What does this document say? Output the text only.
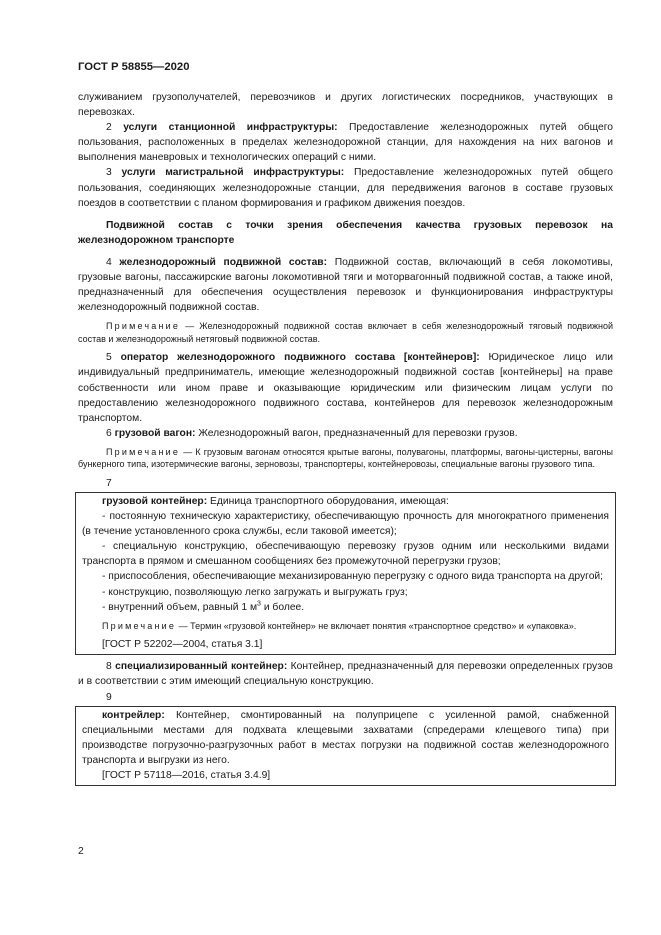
ГОСТ Р 58855—2020

служиванием грузополучателей, перевозчиков и других логистических посредников, участвующих в перевозках.

2 услуги станционной инфраструктуры: Предоставление железнодорожных путей общего пользования, расположенных в пределах железнодорожной станции, для нахождения на них вагонов и выполнения маневровых и технологических операций с ними.

3 услуги магистральной инфраструктуры: Предоставление железнодорожных путей общего пользования, соединяющих железнодорожные станции, для передвижения вагонов в составе грузовых поездов в соответствии с планом формирования и графиком движения поездов.

Подвижной состав с точки зрения обеспечения качества грузовых перевозок на железнодорожном транспорте

4 железнодорожный подвижной состав: Подвижной состав, включающий в себя локомотивы, грузовые вагоны, пассажирские вагоны локомотивной тяги и моторвагонный подвижной состав, а также иной, предназначенный для обеспечения осуществления перевозок и функционирования инфраструктуры железнодорожный подвижной состав.

Примечание — Железнодорожный подвижной состав включает в себя железнодорожный тяговый подвижной состав и железнодорожный нетяговый подвижной состав.

5 оператор железнодорожного подвижного состава [контейнеров]: Юридическое лицо или индивидуальный предприниматель, имеющие железнодорожный подвижной состав [контейнеры] на праве собственности или ином праве и оказывающие юридическим или физическим лицам услуги по предоставлению железнодорожного подвижного состава, контейнеров для перевозок железнодорожным транспортом.

6 грузовой вагон: Железнодорожный вагон, предназначенный для перевозки грузов.

Примечание — К грузовым вагонам относятся крытые вагоны, полувагоны, платформы, вагоны-цистерны, вагоны бункерного типа, изотермические вагоны, зерновозы, транспортеры, контейнеровозы, специальные вагоны грузового типа.

7

грузовой контейнер: Единица транспортного оборудования, имеющая:

- постоянную техническую характеристику, обеспечивающую прочность для многократного применения (в течение установленного срока службы, если таковой имеется);

- специальную конструкцию, обеспечивающую перевозку грузов одним или несколькими видами транспорта в прямом и смешанном сообщениях без промежуточной перегрузки грузов;

- приспособления, обеспечивающие механизированную перегрузку с одного вида транспорта на другой;

- конструкцию, позволяющую легко загружать и выгружать груз;

- внутренний объем, равный 1 $м^3$ и более.

Примечание — Термин «грузовой контейнер» не включает понятия «транспортное средство» и «упаковка».

[ГОСТ Р 52202—2004, статья 3.1]

8 специализированный контейнер: Контейнер, предназначенный для перевозки определенных грузов и в соответствии с этим имеющий специальную конструкцию.

9

контрейлер: Контейнер, смонтированный на полуприцепе с усиленной рамой, снабженной специальными местами для подхвата клещевыми захватами (спредерами клещевого типа) при производстве погрузочно-разгрузочных работ в местах погрузки на подвижной состав железнодорожного транспорта и выгрузки из него.

[ГОСТ Р 57118—2016, статья 3.4.9]

2
